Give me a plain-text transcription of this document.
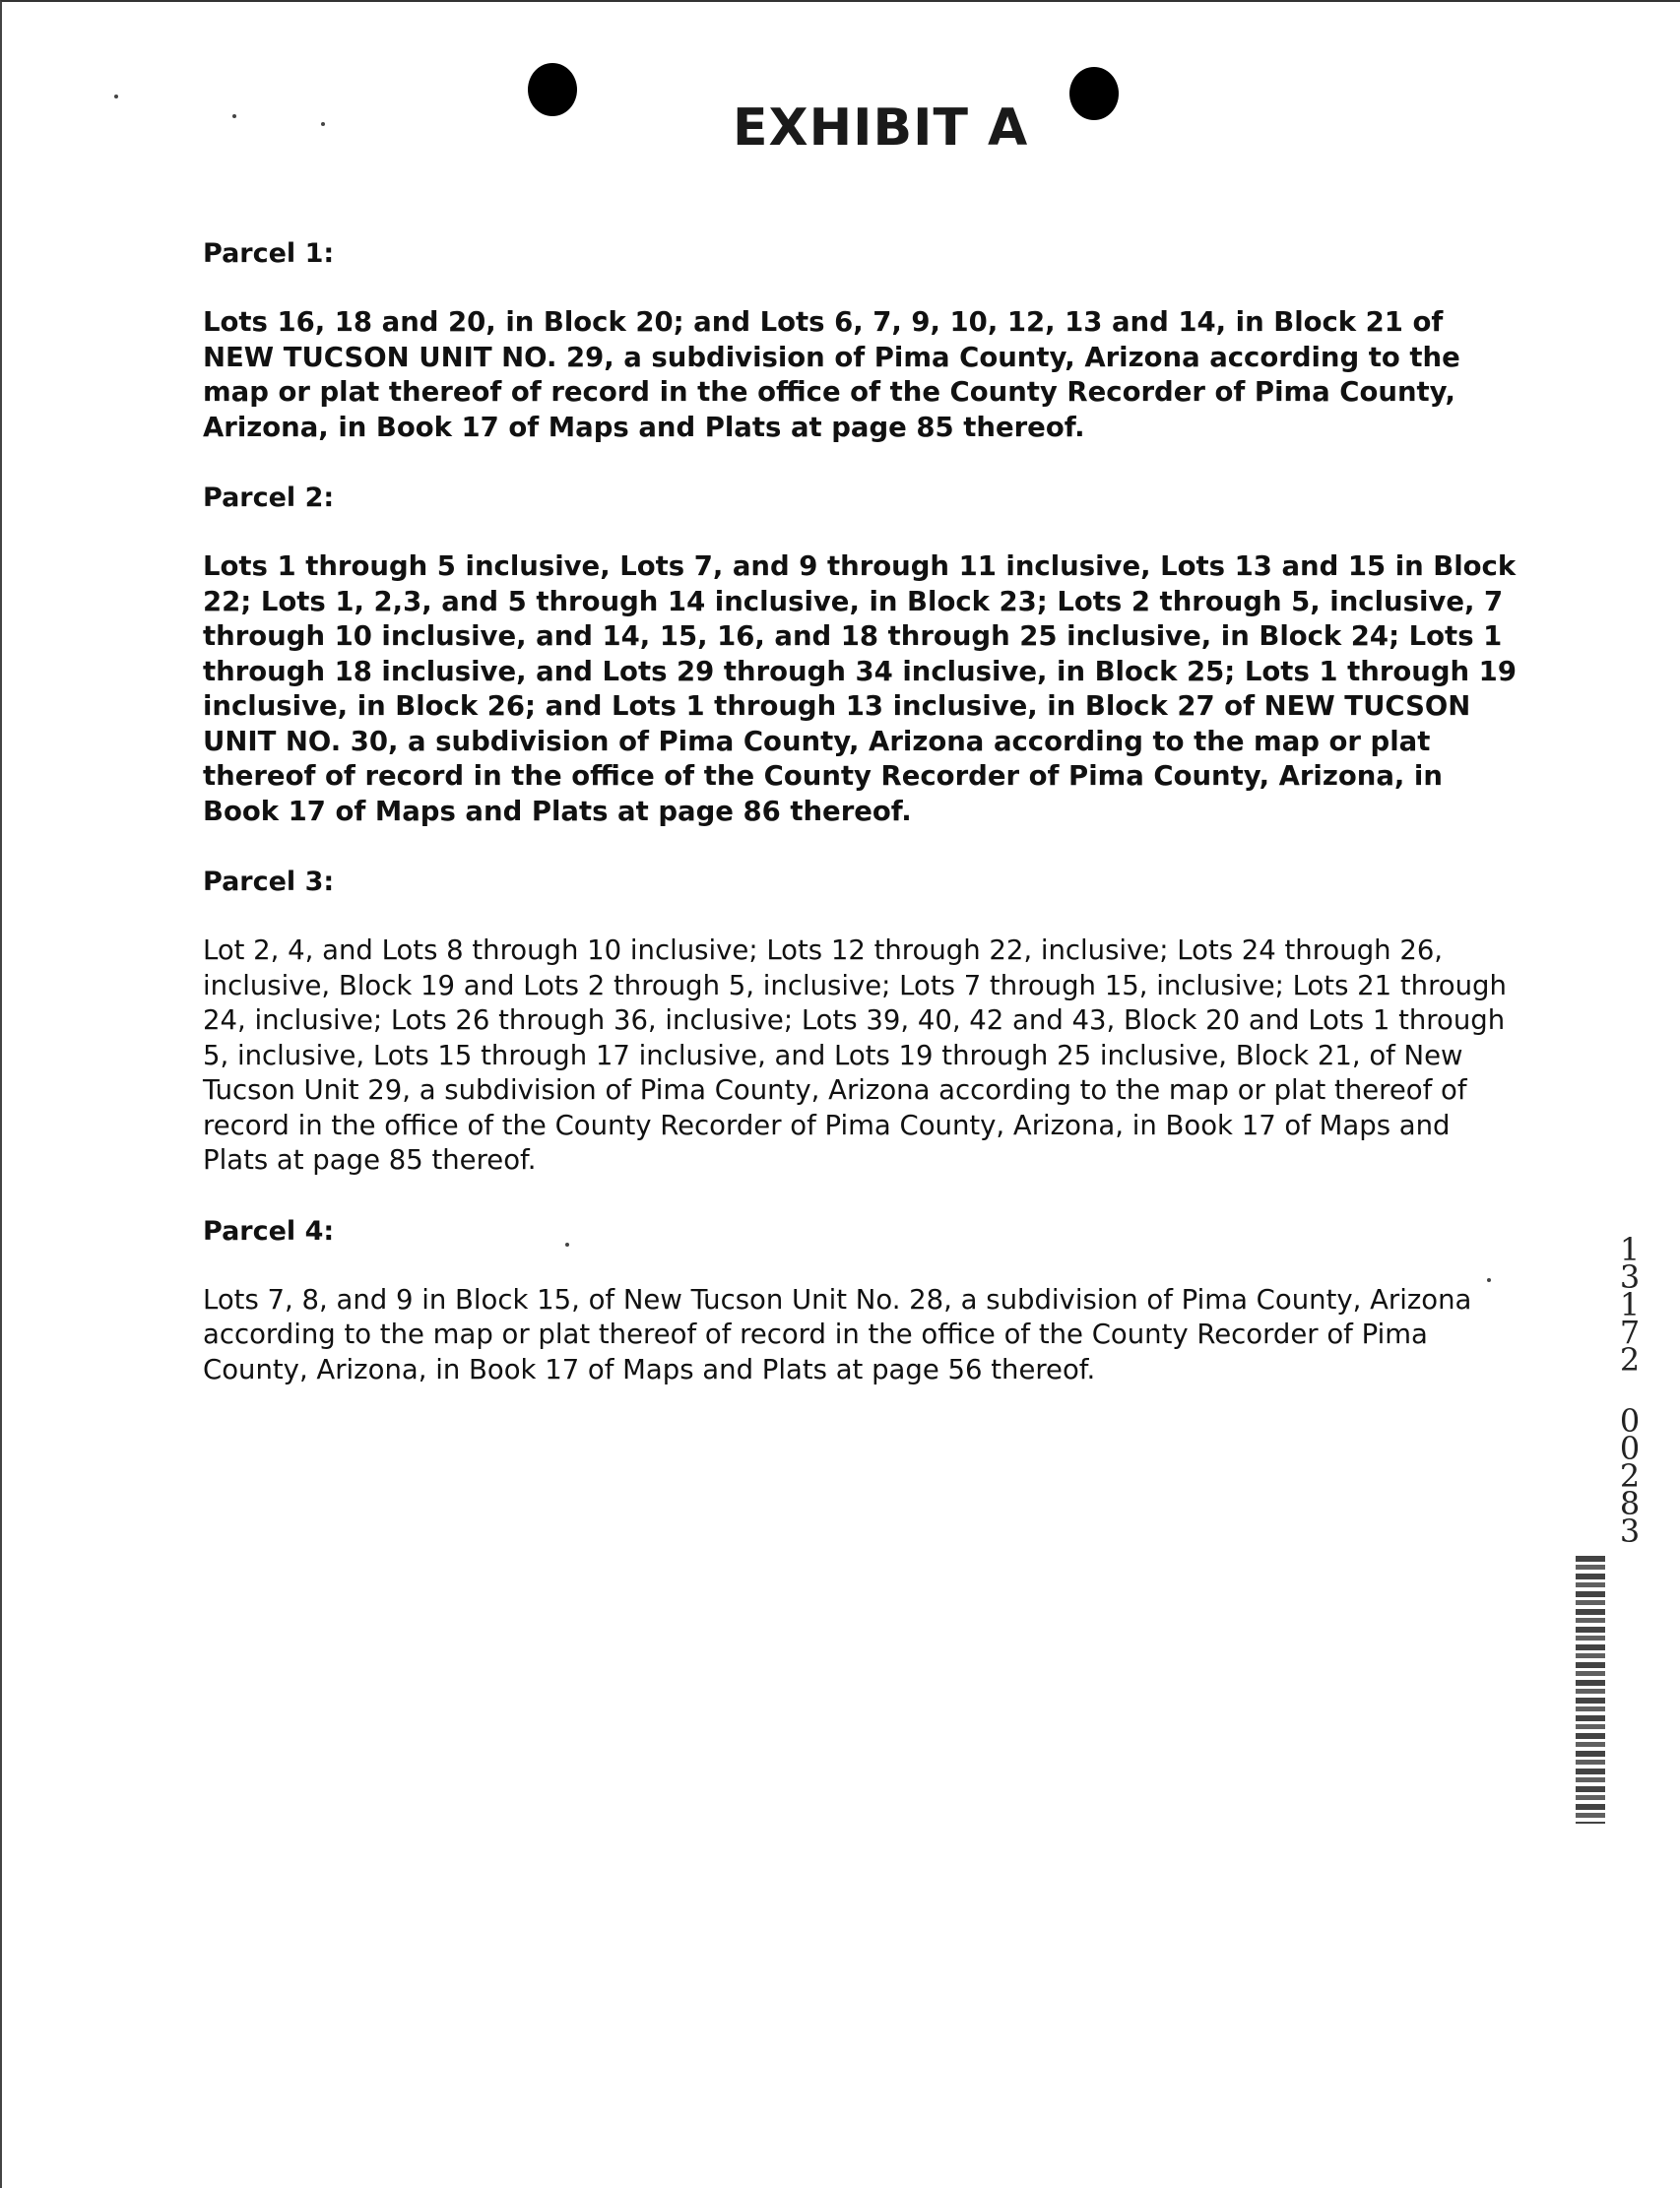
EXHIBIT A
Parcel 1:
Lots 16, 18 and 20, in Block 20; and Lots 6, 7, 9, 10, 12, 13 and 14, in Block 21 of NEW TUCSON UNIT NO. 29, a subdivision of Pima County, Arizona according to the map or plat thereof of record in the office of the County Recorder of Pima County, Arizona, in Book 17 of Maps and Plats at page 85 thereof.
Parcel 2:
Lots 1 through 5 inclusive, Lots 7, and 9 through 11 inclusive, Lots 13 and 15 in Block 22; Lots 1, 2,3, and 5 through 14 inclusive, in Block 23; Lots 2 through 5, inclusive, 7 through 10 inclusive, and 14, 15, 16, and 18 through 25 inclusive, in Block 24; Lots 1 through 18 inclusive, and Lots 29 through 34 inclusive, in Block 25; Lots 1 through 19 inclusive, in Block 26; and Lots 1 through 13 inclusive, in Block 27 of NEW TUCSON UNIT NO. 30, a subdivision of Pima County, Arizona according to the map or plat thereof of record in the office of the County Recorder of Pima County, Arizona, in Book 17 of Maps and Plats at page 86 thereof.
Parcel 3:
Lot 2, 4, and Lots 8 through 10 inclusive; Lots 12 through 22, inclusive; Lots 24 through 26, inclusive, Block 19 and Lots 2 through 5, inclusive; Lots 7 through 15, inclusive; Lots 21 through 24, inclusive; Lots 26 through 36, inclusive; Lots 39, 40, 42 and 43, Block 20 and Lots 1 through 5, inclusive, Lots 15 through 17 inclusive, and Lots 19 through 25 inclusive, Block 21, of New Tucson Unit 29, a subdivision of Pima County, Arizona according to the map or plat thereof of record in the office of the County Recorder of Pima County, Arizona, in Book 17 of Maps and Plats at page 85 thereof.
Parcel 4:
Lots 7, 8, and 9 in Block 15, of New Tucson Unit No. 28, a subdivision of Pima County, Arizona according to the map or plat thereof of record in the office of the County Recorder of Pima County, Arizona, in Book 17 of Maps and Plats at page 56 thereof.
1
3
1
7
2
0
0
2
8
3
